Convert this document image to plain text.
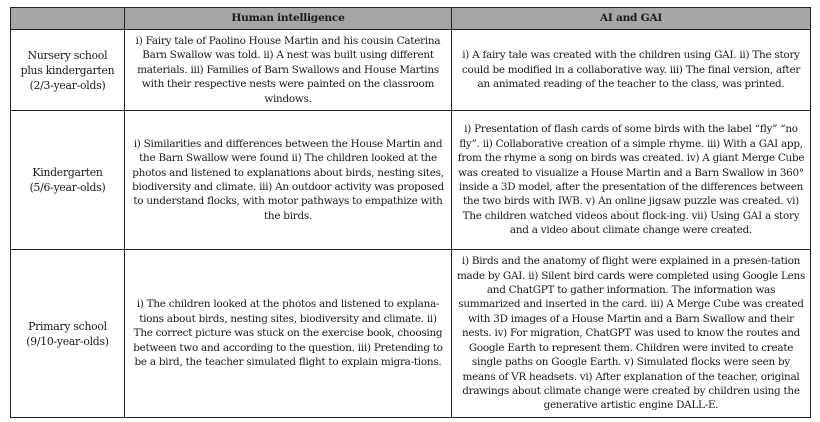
	Human intelligence	AI and GAI

Nursery school
plus kindergarten
(2/3-year-olds)
	i) Fairy tale of Paolino House Martin and his cousin Caterina Barn Swallow was told. ii) A nest was built using different materials. iii) Families of Barn Swallows and House Martins with their respective nests were painted on the classroom windows.	i) A fairy tale was created with the children using GAI. ii) The story could be modified in a collaborative way. iii) The final version, after an animated reading of the teacher to the class, was printed.

Kindergarten
(5/6-year-olds)
	i) Similarities and differences between the House Martin and the Barn Swallow were found ii) The children looked at the photos and listened to explanations about birds, nesting sites, biodiversity and climate. iii) An outdoor activity was proposed to understand flocks, with motor pathways to empathize with the birds.	i) Presentation of flash cards of some birds with the label “fly” “no fly”. ii) Collaborative creation of a simple rhyme. iii) With a GAI app, from the rhyme a song on birds was created. iv) A giant Merge Cube was created to visualize a House Martin and a Barn Swallow in 360° inside a 3D model, after the presentation of the differences between the two birds with IWB. v) An online jigsaw puzzle was created. vi) The children watched videos about flock-ing. vii) Using GAI a story and a video about climate change were created.

Primary school
(9/10-year-olds)
	i) The children looked at the photos and listened to explana-tions about birds, nesting sites, biodiversity and climate. ii) The correct picture was stuck on the exercise book, choosing between two and according to the question. iii) Pretending to be a bird, the teacher simulated flight to explain migra-tions.	i) Birds and the anatomy of flight were explained in a presen-tation made by GAI. ii) Silent bird cards were completed using Google Lens and ChatGPT to gather information. The information was summarized and inserted in the card. iii) A Merge Cube was created with 3D images of a House Martin and a Barn Swallow and their nests. iv) For migration, ChatGPT was used to know the routes and Google Earth to represent them. Children were invited to create single paths on Google Earth. v) Simulated flocks were seen by means of VR headsets. vi) After explanation of the teacher, original drawings about climate change were created by children using the generative artistic engine DALL-E.
